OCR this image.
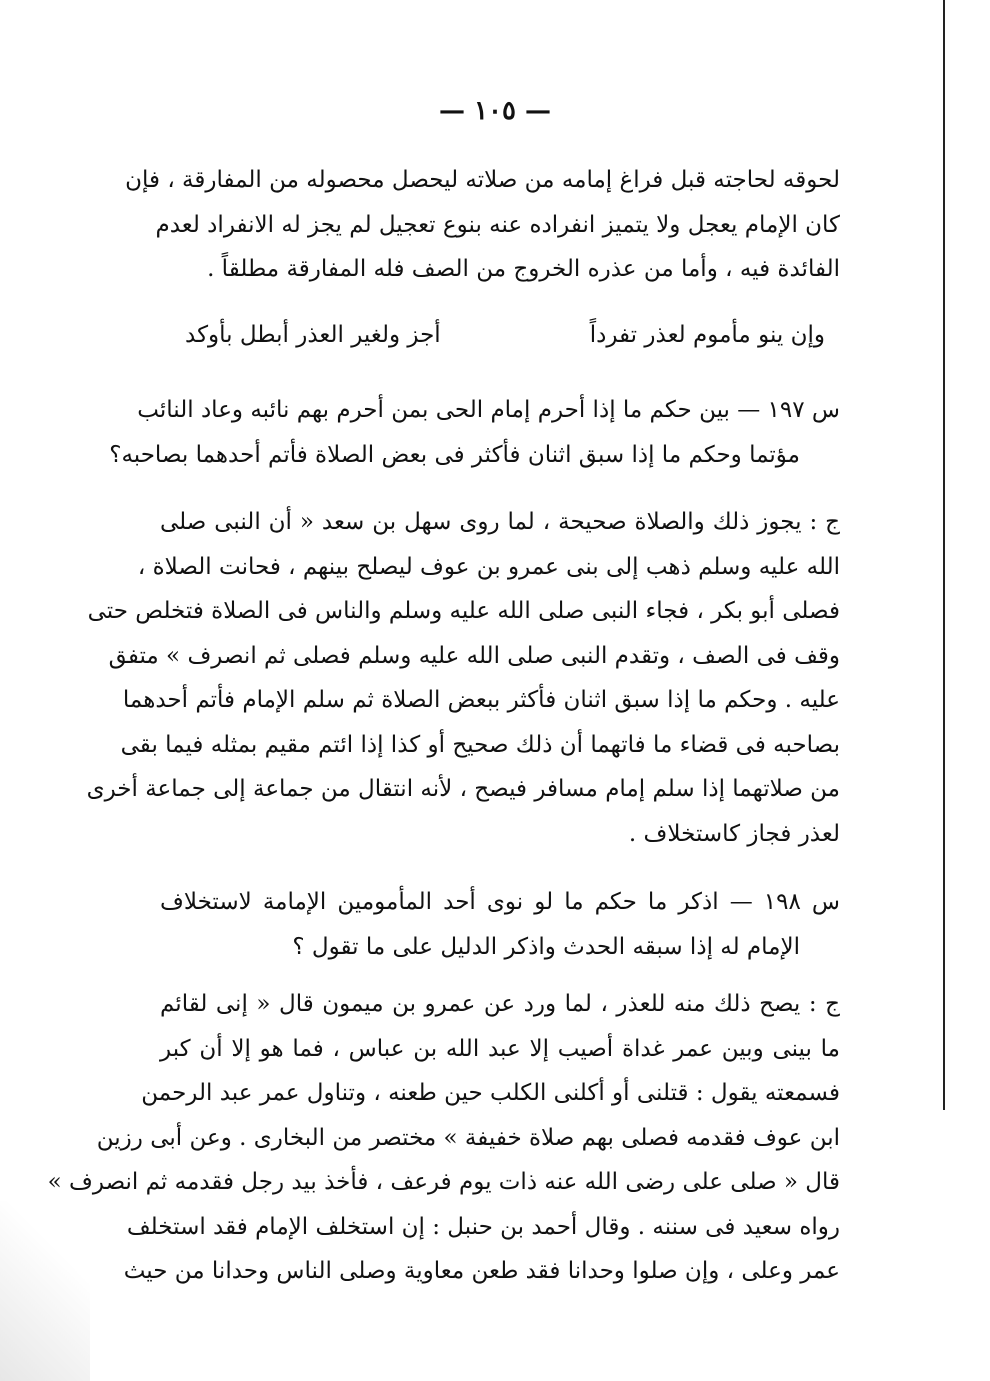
— ١٠٥ —
لحوقه لحاجته قبل فراغ إمامه من صلاته ليحصل محصوله من المفارقة ، فإن
كان الإمام يعجل ولا يتميز انفراده عنه بنوع تعجيل لم يجز له الانفراد لعدم
الفائدة فيه ، وأما من عذره الخروج من الصف فله المفارقة مطلقاً .
وإن ينو مأموم لعذر تفرداً
أجز ولغير العذر أبطل بأوكد
س ١٩٧ — بين حكم ما إذا أحرم إمام الحى بمن أحرم بهم نائبه وعاد النائب
مؤتما وحكم ما إذا سبق اثنان فأكثر فى بعض الصلاة فأتم أحدهما بصاحبه؟
ج : يجوز ذلك والصلاة صحيحة ، لما روى سهل بن سعد « أن النبى صلى
الله عليه وسلم ذهب إلى بنى عمرو بن عوف ليصلح بينهم ، فحانت الصلاة ،
فصلى أبو بكر ، فجاء النبى صلى الله عليه وسلم والناس فى الصلاة فتخلص حتى
وقف فى الصف ، وتقدم النبى صلى الله عليه وسلم فصلى ثم انصرف » متفق
عليه . وحكم ما إذا سبق اثنان فأكثر ببعض الصلاة ثم سلم الإمام فأتم أحدهما
بصاحبه فى قضاء ما فاتهما أن ذلك صحيح أو كذا إذا ائتم مقيم بمثله فيما بقى
من صلاتهما إذا سلم إمام مسافر فيصح ، لأنه انتقال من جماعة إلى جماعة أخرى
لعذر فجاز كاستخلاف .
س ١٩٨ — اذكر ما حكم ما لو نوى أحد المأمومين الإمامة لاستخلاف
الإمام له إذا سبقه الحدث واذكر الدليل على ما تقول ؟
ج : يصح ذلك منه للعذر ، لما ورد عن عمرو بن ميمون قال « إنى لقائم
ما بينى وبين عمر غداة أصيب إلا عبد الله بن عباس ، فما هو إلا أن كبر
فسمعته يقول : قتلنى أو أكلنى الكلب حين طعنه ، وتناول عمر عبد الرحمن
ابن عوف فقدمه فصلى بهم صلاة خفيفة » مختصر من البخارى . وعن أبى رزين
قال « صلى على رضى الله عنه ذات يوم فرعف ، فأخذ بيد رجل فقدمه ثم انصرف »
رواه سعيد فى سننه . وقال أحمد بن حنبل : إن استخلف الإمام فقد استخلف
عمر وعلى ، وإن صلوا وحدانا فقد طعن معاوية وصلى الناس وحدانا من حيث
